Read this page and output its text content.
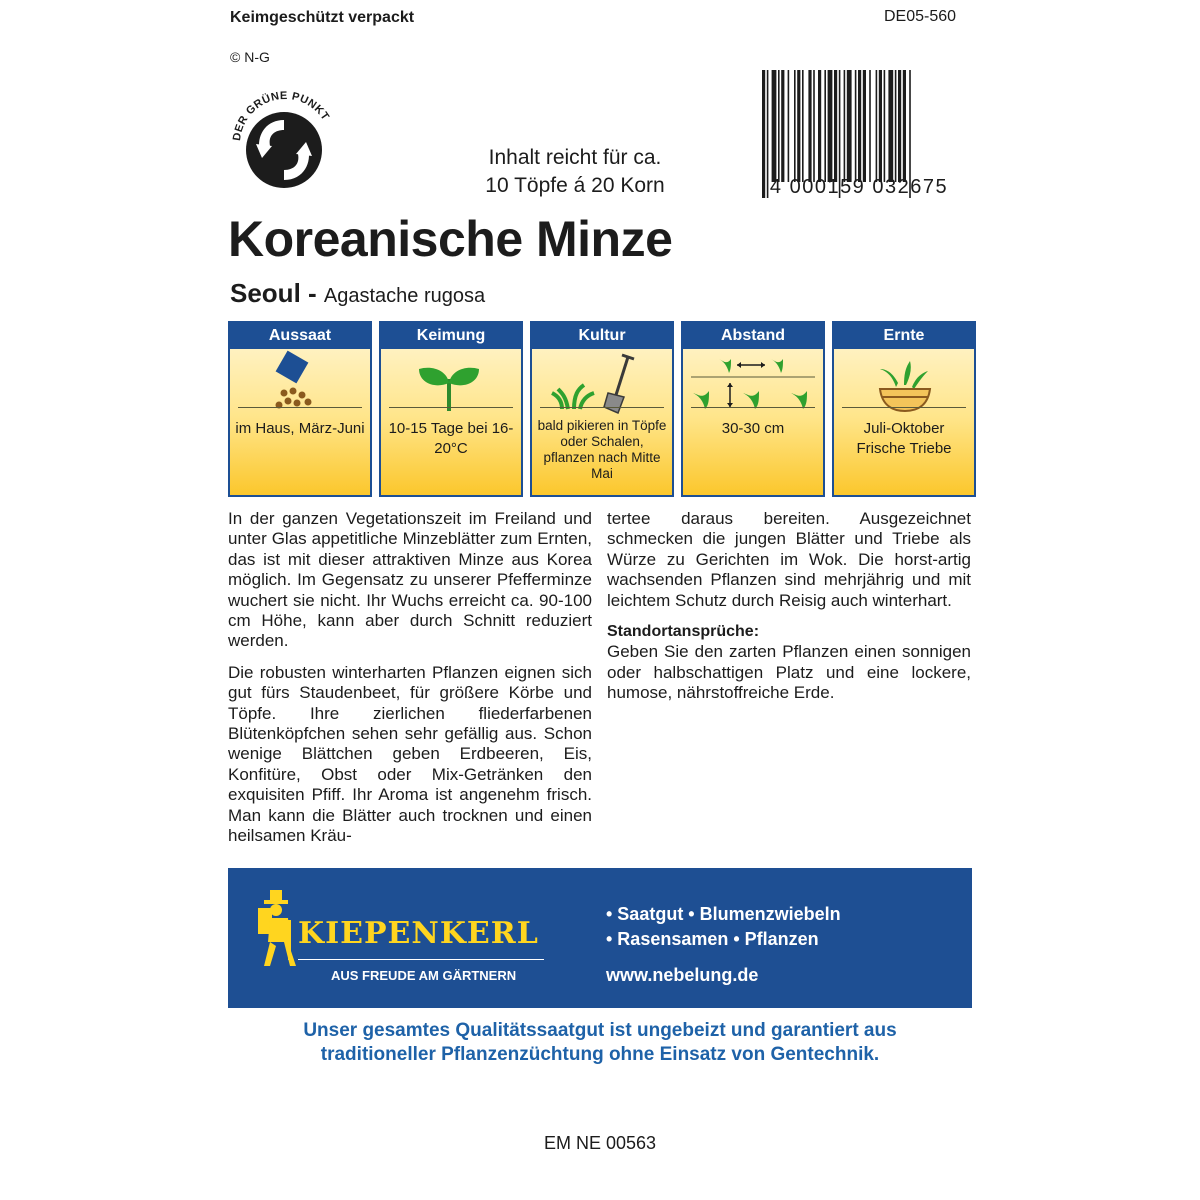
Keimgeschützt verpackt	DE05-560
© N-G
DER GRÜNE PUNKT
Inhalt reicht für ca.
10 Töpfe á 20 Korn	4 000159 032675
Koreanische Minze
Seoul - Agastache rugosa
Aussaat
im Haus, März-Juni
Keimung
10-15 Tage bei 16-20°C
Kultur
bald pikieren in Töpfe oder Schalen, pflanzen nach Mitte Mai
Abstand
30-30 cm
Ernte
Juli-Oktober Frische Triebe

In der ganzen Vegetationszeit im Freiland und unter Glas appetitliche Minzeblätter zum Ernten, das ist mit dieser attraktiven Minze aus Korea möglich. Im Gegensatz zu unserer Pfefferminze wuchert sie nicht. Ihr Wuchs erreicht ca. 90-100 cm Höhe, kann aber durch Schnitt reduziert werden.

Die robusten winterharten Pflanzen eignen sich gut fürs Staudenbeet, für größere Körbe und Töpfe. Ihre zierlichen fliederfarbenen Blütenköpfchen sehen sehr gefällig aus. Schon wenige Blättchen geben Erdbeeren, Eis, Konfitüre, Obst oder Mix-Getränken den exquisiten Pfiff. Ihr Aroma ist angenehm frisch. Man kann die Blätter auch trocknen und einen heilsamen Kräu-

tertee daraus bereiten. Ausgezeichnet schmecken die jungen Blätter und Triebe als Würze zu Gerichten im Wok. Die horst-artig wachsenden Pflanzen sind mehrjährig und mit leichtem Schutz durch Reisig auch winterhart.

Standortansprüche:

Geben Sie den zarten Pflanzen einen sonnigen oder halbschattigen Platz und eine lockere, humose, nährstoffreiche Erde.

KIEPENKERL
AUS FREUDE AM GÄRTNERN
• Saatgut • Blumenzwiebeln
• Rasensamen • Pflanzen
www.nebelung.de
Unser gesamtes Qualitätssaatgut ist ungebeizt und garantiert aus
traditioneller Pflanzenzüchtung ohne Einsatz von Gentechnik.
EM NE 00563
